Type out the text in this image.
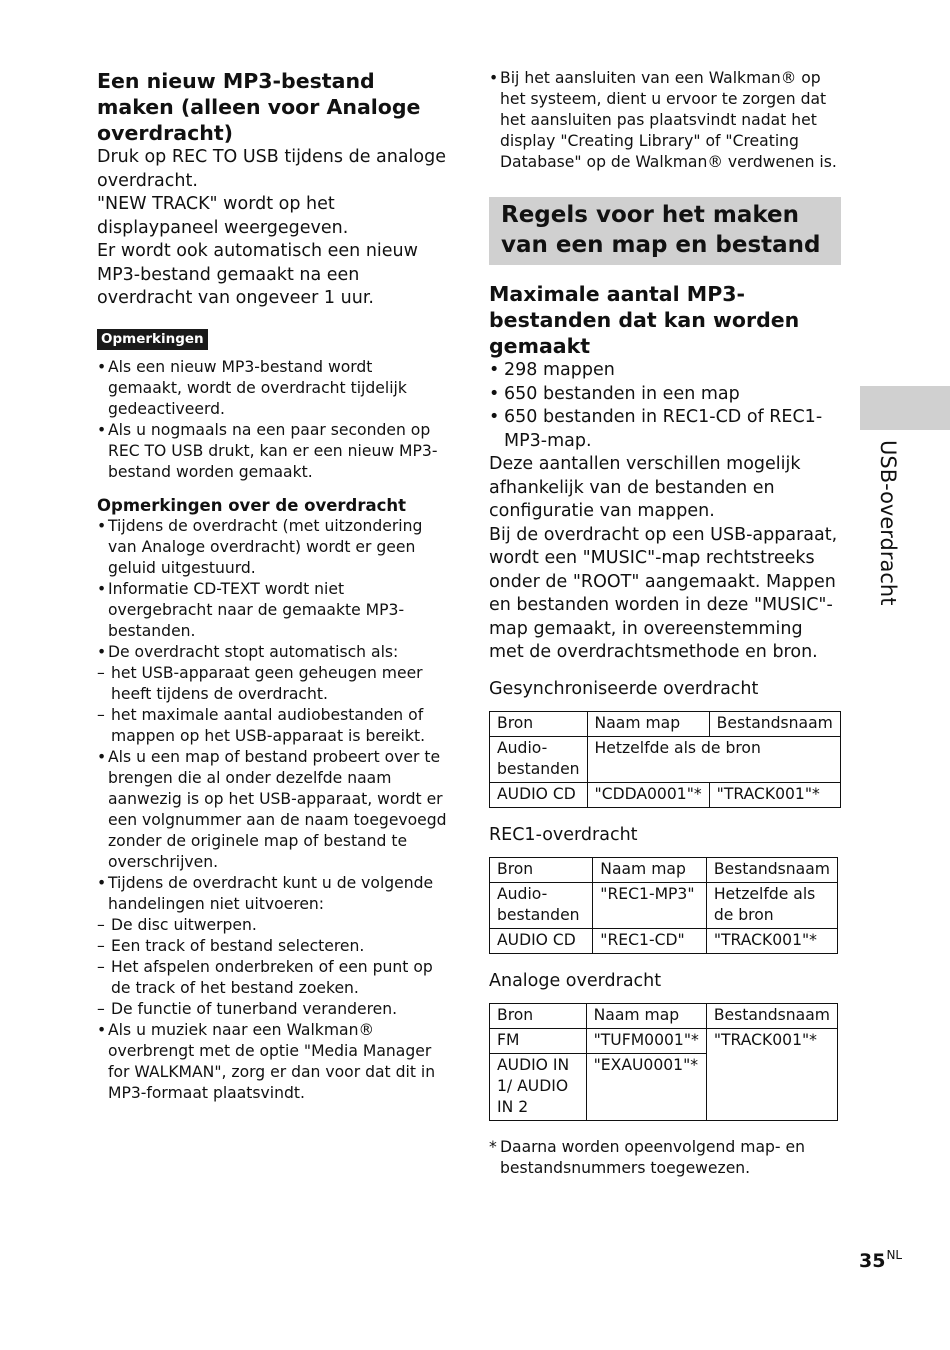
Een nieuw MP3-bestand maken (alleen voor Analoge overdracht)

Druk op REC TO USB tijdens de analoge overdracht.

"NEW TRACK" wordt op het displaypaneel weergegeven.

Er wordt ook automatisch een nieuw MP3-bestand gemaakt na een overdracht van ongeveer 1 uur.

Opmerkingen
• Als een nieuw MP3-bestand wordt gemaakt, wordt de overdracht tijdelijk gedeactiveerd.
• Als u nogmaals na een paar seconden op REC TO USB drukt, kan er een nieuw MP3-bestand worden gemaakt.

Opmerkingen over de overdracht

• Tijdens de overdracht (met uitzondering van Analoge overdracht) wordt er geen geluid uitgestuurd.
• Informatie CD-TEXT wordt niet overgebracht naar de gemaakte MP3-bestanden.
• De overdracht stopt automatisch als:
– het USB-apparaat geen geheugen meer heeft tijdens de overdracht.
– het maximale aantal audiobestanden of mappen op het USB-apparaat is bereikt.
• Als u een map of bestand probeert over te brengen die al onder dezelfde naam aanwezig is op het USB-apparaat, wordt er een volgnummer aan de naam toegevoegd zonder de originele map of bestand te overschrijven.
• Tijdens de overdracht kunt u de volgende handelingen niet uitvoeren:
– De disc uitwerpen.
– Een track of bestand selecteren.
– Het afspelen onderbreken of een punt op de track of het bestand zoeken.
– De functie of tunerband veranderen.
• Als u muziek naar een Walkman® overbrengt met de optie "Media Manager for WALKMAN", zorg er dan voor dat dit in MP3-formaat plaatsvindt.
• Bij het aansluiten van een Walkman® op het systeem, dient u ervoor te zorgen dat het aansluiten pas plaatsvindt nadat het display "Creating Library" of "Creating Database" op de Walkman® verdwenen is.
Regels voor het maken van een map en bestand
Maximale aantal MP3-bestanden dat kan worden gemaakt
• 298 mappen
• 650 bestanden in een map
• 650 bestanden in REC1-CD of REC1-MP3-map.

Deze aantallen verschillen mogelijk afhankelijk van de bestanden en configuratie van mappen.

Bij de overdracht op een USB-apparaat, wordt een "MUSIC"-map rechtstreeks onder de "ROOT" aangemaakt. Mappen en bestanden worden in deze "MUSIC"-map gemaakt, in overeenstemming met de overdrachtsmethode en bron.

Gesynchroniseerde overdracht

Bron	Naam map	Bestandsnaam
Audio-bestanden	Hetzelfde als de bron	
AUDIO CD	"CDDA0001"*	"TRACK001"*

REC1-overdracht

Bron	Naam map	Bestandsnaam
Audio-bestanden	"REC1-MP3"	Hetzelfde als de bron
AUDIO CD	"REC1-CD"	"TRACK001"*

Analoge overdracht

Bron	Naam map	Bestandsnaam
FM	"TUFM0001"*	"TRACK001"*
AUDIO IN 1/ AUDIO IN 2	"EXAU0001"*	
* Daarna worden opeenvolgend map- en bestandsnummers toegewezen.
USB-overdracht
$35^{NL}$
